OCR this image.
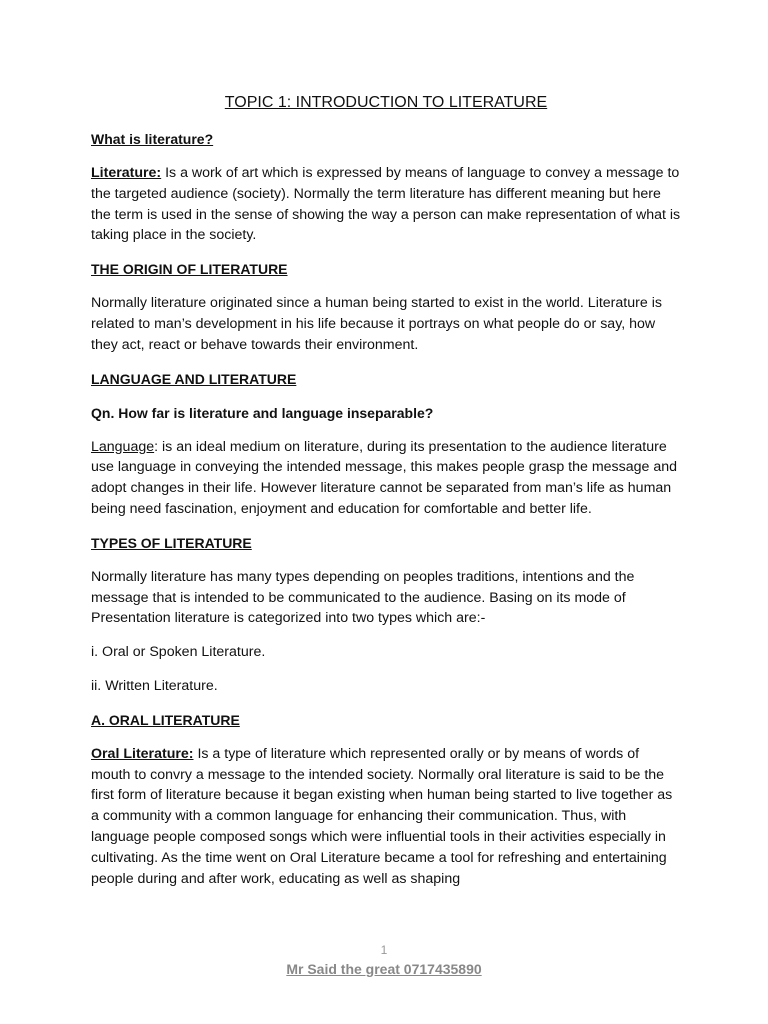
TOPIC 1: INTRODUCTION TO LITERATURE
What is literature?

Literature: Is a work of art which is expressed by means of language to convey a message to the targeted audience (society). Normally the term literature has different meaning but here the term is used in the sense of showing the way a person can make representation of what is taking place in the society.

THE ORIGIN OF LITERATURE

Normally literature originated since a human being started to exist in the world. Literature is related to man’s development in his life because it portrays on what people do or say, how they act, react or behave towards their environment.

LANGUAGE AND LITERATURE
Qn. How far is literature and language inseparable?

Language: is an ideal medium on literature, during its presentation to the audience literature use language in conveying the intended message, this makes people grasp the message and adopt changes in their life. However literature cannot be separated from man’s life as human being need fascination, enjoyment and education for comfortable and better life.

TYPES OF LITERATURE

Normally literature has many types depending on peoples traditions, intentions and the message that is intended to be communicated to the audience. Basing on its mode of Presentation literature is categorized into two types which are:-

i. Oral or Spoken Literature.

ii. Written Literature.

A. ORAL LITERATURE

Oral Literature: Is a type of literature which represented orally or by means of words of mouth to convry a message to the intended society. Normally oral literature is said to be the first form of literature because it began existing when human being started to live together as a community with a common language for enhancing their communication. Thus, with language people composed songs which were influential tools in their activities especially in cultivating. As the time went on Oral Literature became a tool for refreshing and entertaining people during and after work, educating as well as shaping

1
Mr Said the great 0717435890
